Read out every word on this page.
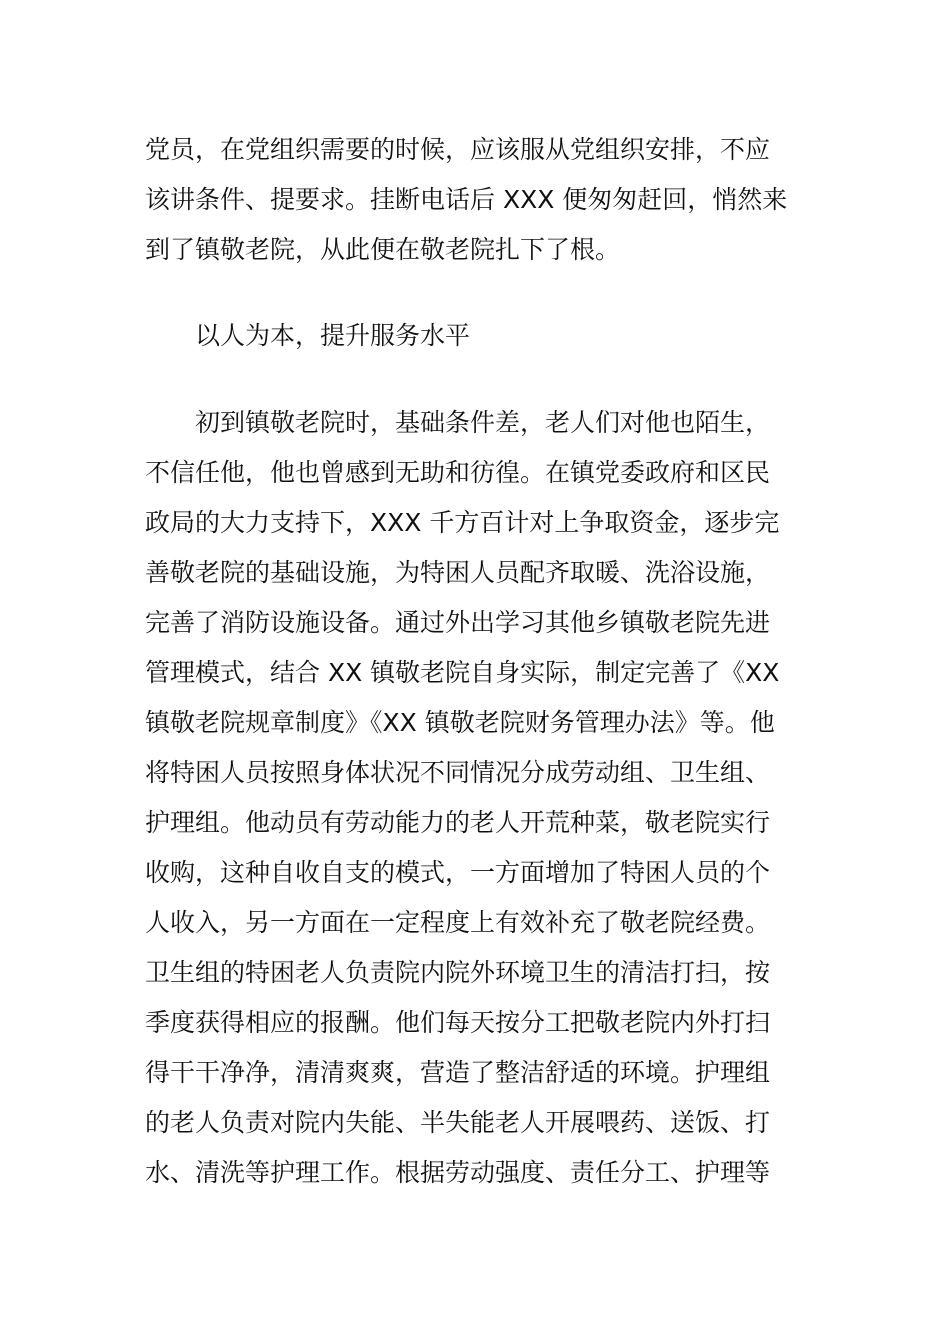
党员，在党组织需要的时候，应该服从党组织安排，不应
该讲条件、提要求。挂断电话后 XXX 便匆匆赶回，悄然来
到了镇敬老院，从此便在敬老院扎下了根。
以人为本，提升服务水平
初到镇敬老院时，基础条件差，老人们对他也陌生，
不信任他，他也曾感到无助和彷徨。在镇党委政府和区民
政局的大力支持下，XXX 千方百计对上争取资金，逐步完
善敬老院的基础设施，为特困人员配齐取暖、洗浴设施，
完善了消防设施设备。通过外出学习其他乡镇敬老院先进
管理模式，结合 XX 镇敬老院自身实际，制定完善了《XX
镇敬老院规章制度》《XX 镇敬老院财务管理办法》等。他
将特困人员按照身体状况不同情况分成劳动组、卫生组、
护理组。他动员有劳动能力的老人开荒种菜，敬老院实行
收购，这种自收自支的模式，一方面增加了特困人员的个
人收入，另一方面在一定程度上有效补充了敬老院经费。
卫生组的特困老人负责院内院外环境卫生的清洁打扫，按
季度获得相应的报酬。他们每天按分工把敬老院内外打扫
得干干净净，清清爽爽，营造了整洁舒适的环境。护理组
的老人负责对院内失能、半失能老人开展喂药、送饭、打
水、清洗等护理工作。根据劳动强度、责任分工、护理等
